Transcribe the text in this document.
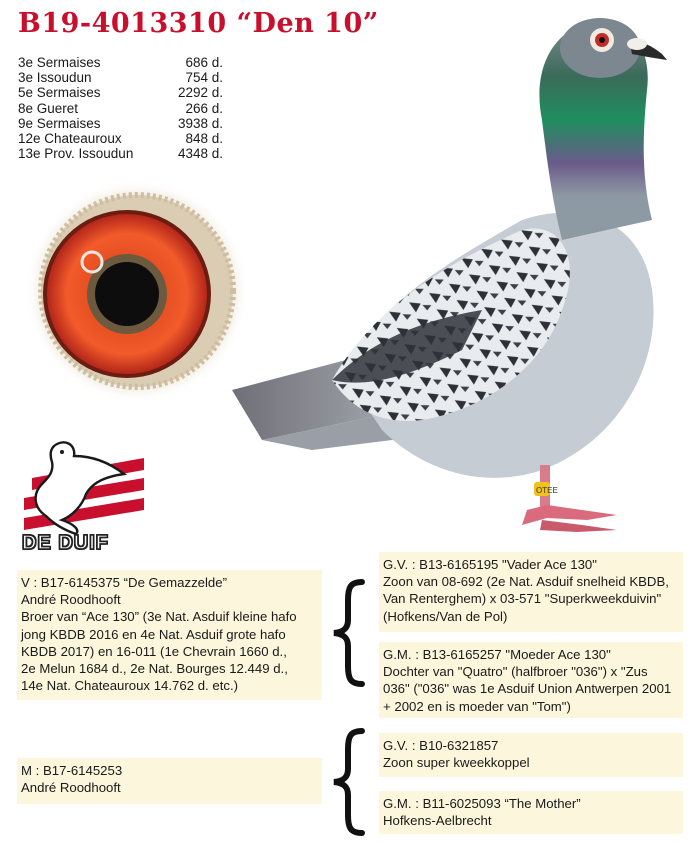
B19-4013310 “Den 10”
3e Sermaises	686 d.
3e Issoudun	754 d.
5e Sermaises	2292 d.
8e Gueret	266 d.
9e Sermaises	3938 d.
12e Chateauroux	848 d.
13e Prov. Issoudun	4348 d.
OTEE
DE DUIF

V : B17-6145375 “De Gemazzelde”

André Roodhooft

Broer van “Ace 130” (3e Nat. Asduif kleine hafo

jong KBDB 2016 en 4e Nat. Asduif grote hafo

KBDB 2017) en 16-011 (1e Chevrain 1660 d.,

2e Melun 1684 d., 2e Nat. Bourges 12.449 d.,

14e Nat. Chateauroux 14.762 d. etc.)

M : B17-6145253

André Roodhooft

G.V. : B13-6165195 "Vader Ace 130"

Zoon van 08-692 (2e Nat. Asduif snelheid KBDB,

Van Renterghem) x 03-571 "Superkweekduivin"

(Hofkens/Van de Pol)

G.M. : B13-6165257 "Moeder Ace 130"

Dochter van "Quatro" (halfbroer "036") x "Zus

036" ("036" was 1e Asduif Union Antwerpen 2001

+ 2002 en is moeder van "Tom")

G.V. : B10-6321857

Zoon super kweekkoppel

G.M. : B11-6025093 “The Mother”

Hofkens-Aelbrecht
